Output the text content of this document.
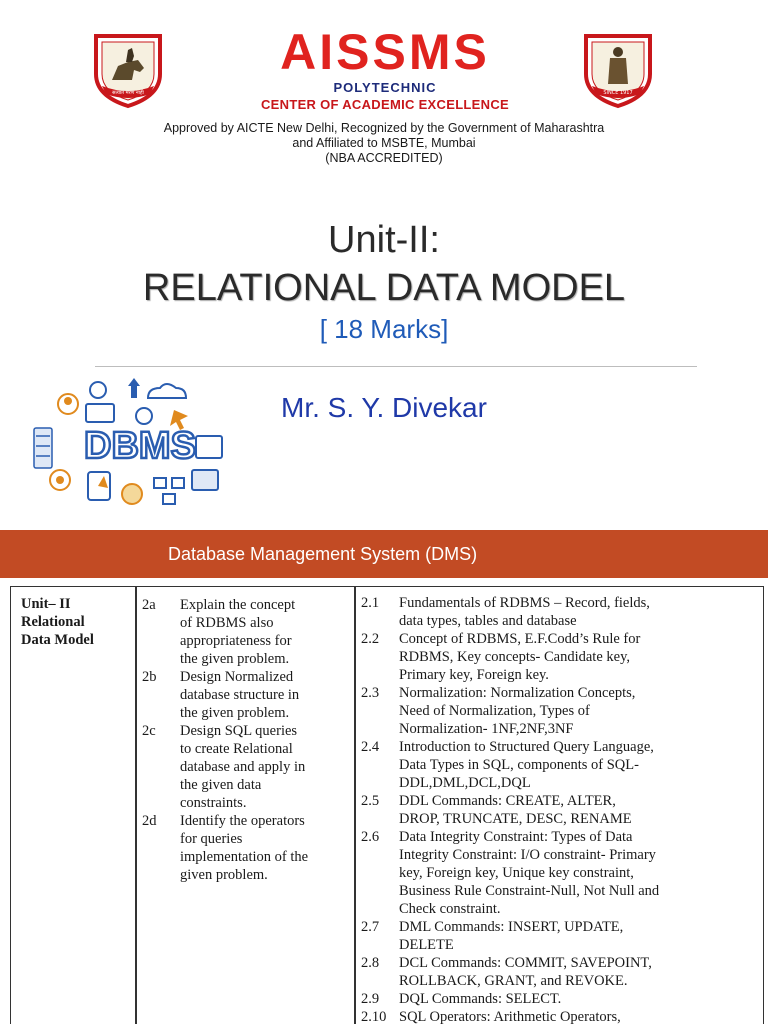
सत्यात मरण नाही
AISSMS
POLYTECHNIC
CENTER OF ACADEMIC EXCELLENCE
SINCE 1917
Approved by AICTE New Delhi, Recognized by the Government of Maharashtra
and Affiliated to MSBTE, Mumbai
(NBA ACCREDITED)
Unit-II:
RELATIONAL DATA MODEL
[ 18 Marks]
DBMS
Mr. S. Y. Divekar
Database Management System (DMS)
Unit– II
Relational
Data Model
2a	Explain the concept
of RDBMS also
appropriateness for
the given problem.
2b	Design Normalized
database structure in
the given problem.
2c	Design SQL queries
to create Relational
database and apply in
the given data
constraints.
2d	Identify the operators
for queries
implementation of the
given problem.
2.1	Fundamentals of RDBMS – Record, fields,
data types, tables and database
2.2	Concept of RDBMS, E.F.Codd’s Rule for
RDBMS, Key concepts- Candidate key,
Primary key, Foreign key.
2.3	Normalization: Normalization Concepts,
Need of Normalization, Types of
Normalization- 1NF,2NF,3NF
2.4	Introduction to Structured Query Language,
Data Types in SQL, components of SQL-
DDL,DML,DCL,DQL
2.5	DDL Commands: CREATE, ALTER,
DROP, TRUNCATE, DESC, RENAME
2.6	Data Integrity Constraint: Types of Data
Integrity Constraint: I/O constraint- Primary
key, Foreign key, Unique key constraint,
Business Rule Constraint-Null, Not Null and
Check constraint.
2.7	DML Commands: INSERT, UPDATE,
DELETE
2.8	DCL Commands: COMMIT, SAVEPOINT,
ROLLBACK, GRANT, and REVOKE.
2.9	DQL Commands: SELECT.
2.10 SQL Operators: Arithmetic Operators,
